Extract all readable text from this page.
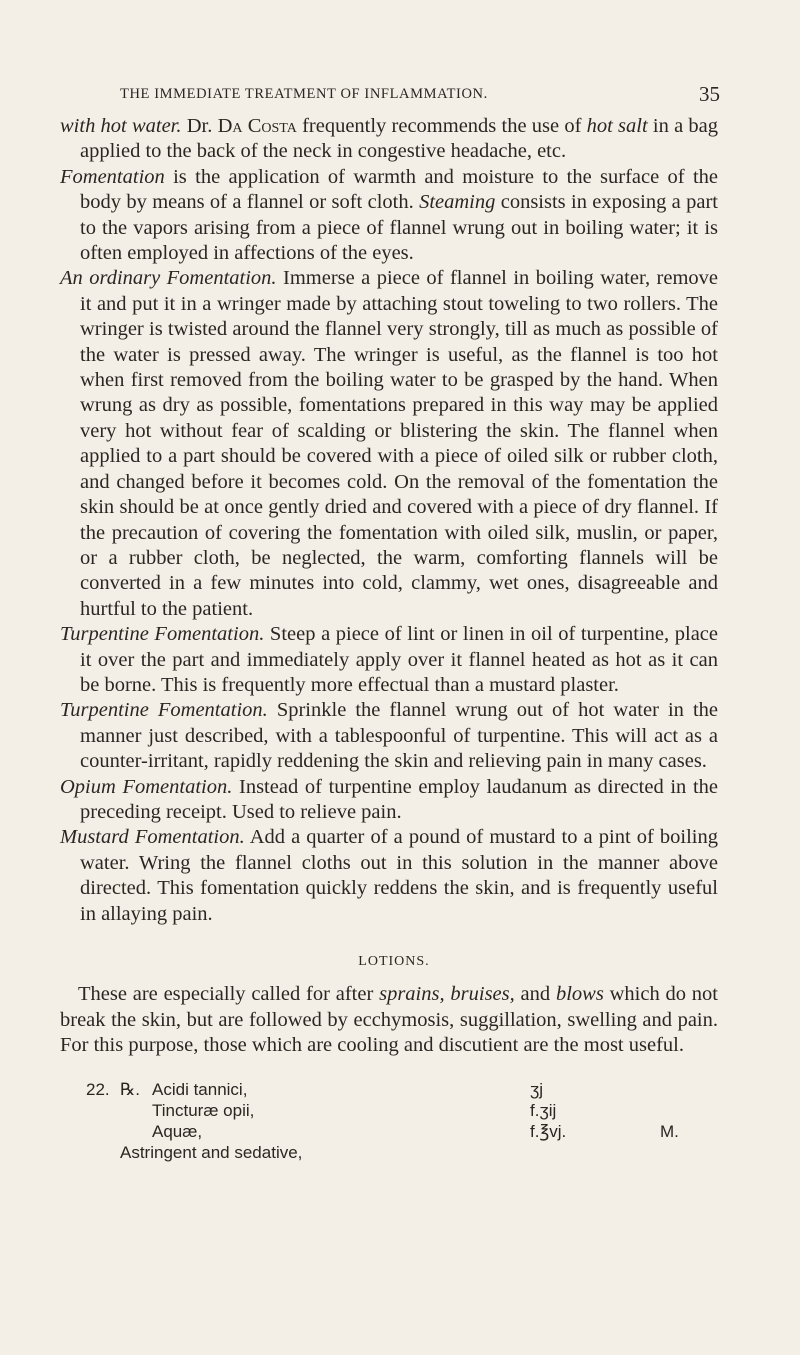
THE IMMEDIATE TREATMENT OF INFLAMMATION.	35

with hot water. Dr. Da Costa frequently recommends the use of hot salt in a bag applied to the back of the neck in congestive headache, etc.

Fomentation is the application of warmth and moisture to the surface of the body by means of a flannel or soft cloth. Steaming consists in exposing a part to the vapors arising from a piece of flannel wrung out in boiling water; it is often employed in affections of the eyes.

An ordinary Fomentation. Immerse a piece of flannel in boiling water, remove it and put it in a wringer made by attaching stout toweling to two rollers. The wringer is twisted around the flannel very strongly, till as much as possible of the water is pressed away. The wringer is useful, as the flannel is too hot when first removed from the boiling water to be grasped by the hand. When wrung as dry as possible, fomentations prepared in this way may be applied very hot without fear of scalding or blistering the skin. The flannel when applied to a part should be covered with a piece of oiled silk or rubber cloth, and changed before it becomes cold. On the removal of the fomentation the skin should be at once gently dried and covered with a piece of dry flannel. If the precaution of covering the fomentation with oiled silk, muslin, or paper, or a rubber cloth, be neglected, the warm, comforting flannels will be converted in a few minutes into cold, clammy, wet ones, disagreeable and hurtful to the patient.

Turpentine Fomentation. Steep a piece of lint or linen in oil of turpentine, place it over the part and immediately apply over it flannel heated as hot as it can be borne. This is frequently more effectual than a mustard plaster.

Turpentine Fomentation. Sprinkle the flannel wrung out of hot water in the manner just described, with a tablespoonful of turpentine. This will act as a counter-irritant, rapidly reddening the skin and relieving pain in many cases.

Opium Fomentation. Instead of turpentine employ laudanum as directed in the preceding receipt. Used to relieve pain.

Mustard Fomentation. Add a quarter of a pound of mustard to a pint of boiling water. Wring the flannel cloths out in this solution in the manner above directed. This fomentation quickly reddens the skin, and is frequently useful in allaying pain.

LOTIONS.

These are especially called for after sprains, bruises, and blows which do not break the skin, but are followed by ecchymosis, suggillation, swelling and pain. For this purpose, those which are cooling and discutient are the most useful.

22. ℞. Acidi tannici,
Tincturæ opii,
Aquæ,
ʒj
f.ʒij
f.℥vj.	M.
Astringent and sedative,
